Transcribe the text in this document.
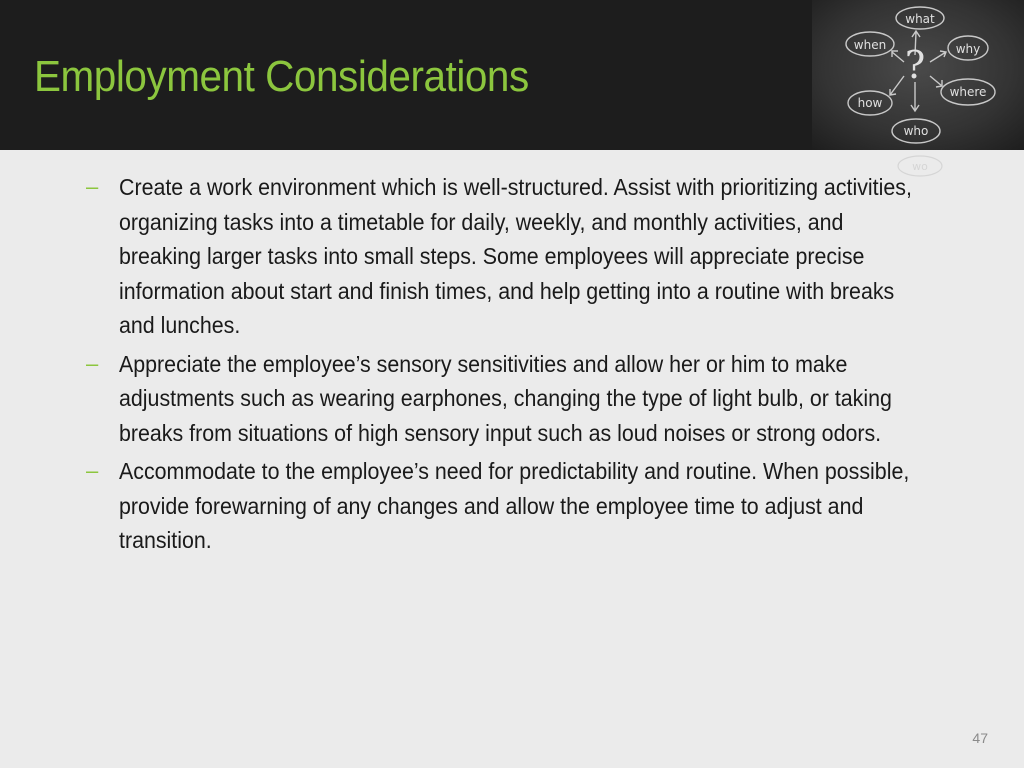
Employment Considerations	?
what
when	why
where
how
who
wo
– Create a work environment which is well-structured. Assist with prioritizing activities, organizing tasks into a timetable for daily, weekly, and monthly activities, and breaking larger tasks into small steps. Some employees will appreciate precise information about start and finish times, and help getting into a routine with breaks and lunches.
– Appreciate the employee’s sensory sensitivities and allow her or him to make adjustments such as wearing earphones, changing the type of light bulb, or taking breaks from situations of high sensory input such as loud noises or strong odors.
– Accommodate to the employee’s need for predictability and routine. When possible, provide forewarning of any changes and allow the employee time to adjust and transition.
47
